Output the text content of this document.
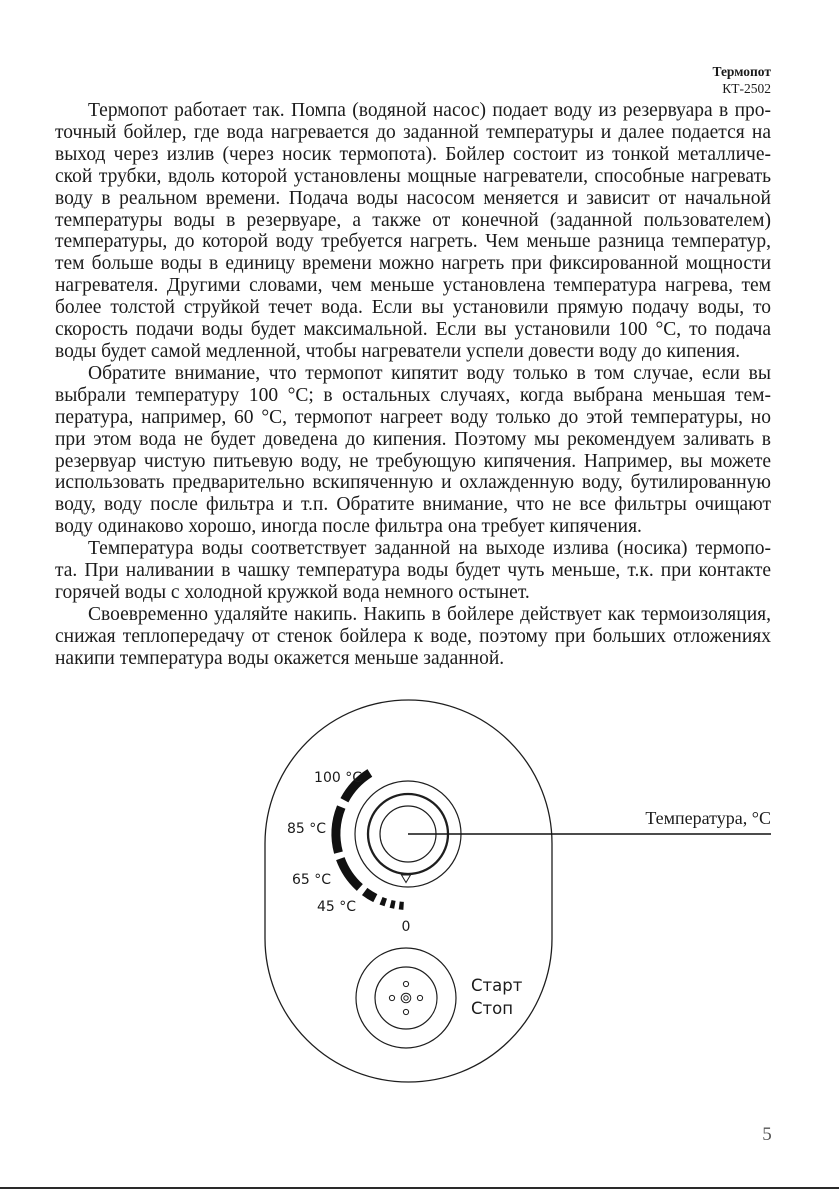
Термопот
КТ-2502
Термопот работает так. Помпа (водяной насос) подает воду из резервуара в про-
точный бойлер, где вода нагревается до заданной температуры и далее подается на
выход через излив (через носик термопота). Бойлер состоит из тонкой металличе-
ской трубки, вдоль которой установлены мощные нагреватели, способные нагревать
воду в реальном времени. Подача воды насосом меняется и зависит от начальной
температуры воды в резервуаре, а также от конечной (заданной пользователем)
температуры, до которой воду требуется нагреть. Чем меньше разница температур,
тем больше воды в единицу времени можно нагреть при фиксированной мощности
нагревателя. Другими словами, чем меньше установлена температура нагрева, тем
более толстой струйкой течет вода. Если вы установили прямую подачу воды, то
скорость подачи воды будет максимальной. Если вы установили 100 °C, то подача
воды будет самой медленной, чтобы нагреватели успели довести воду до кипения.
Обратите внимание, что термопот кипятит воду только в том случае, если вы
выбрали температуру 100 °C; в остальных случаях, когда выбрана меньшая тем-
пература, например, 60 °C, термопот нагреет воду только до этой температуры, но
при этом вода не будет доведена до кипения. Поэтому мы рекомендуем заливать в
резервуар чистую питьевую воду, не требующую кипячения. Например, вы можете
использовать предварительно вскипяченную и охлажденную воду, бутилированную
воду, воду после фильтра и т.п. Обратите внимание, что не все фильтры очищают
воду одинаково хорошо, иногда после фильтра она требует кипячения.
Температура воды соответствует заданной на выходе излива (носика) термопо-
та. При наливании в чашку температура воды будет чуть меньше, т.к. при контакте
горячей воды с холодной кружкой вода немного остынет.
Своевременно удаляйте накипь. Накипь в бойлере действует как термоизоляция,
снижая теплопередачу от стенок бойлера к воде, поэтому при больших отложениях
накипи температура воды окажется меньше заданной.
100 °C
85 °C
65 °C
45 °C
0
Температура, °C
Старт
Стоп
5
